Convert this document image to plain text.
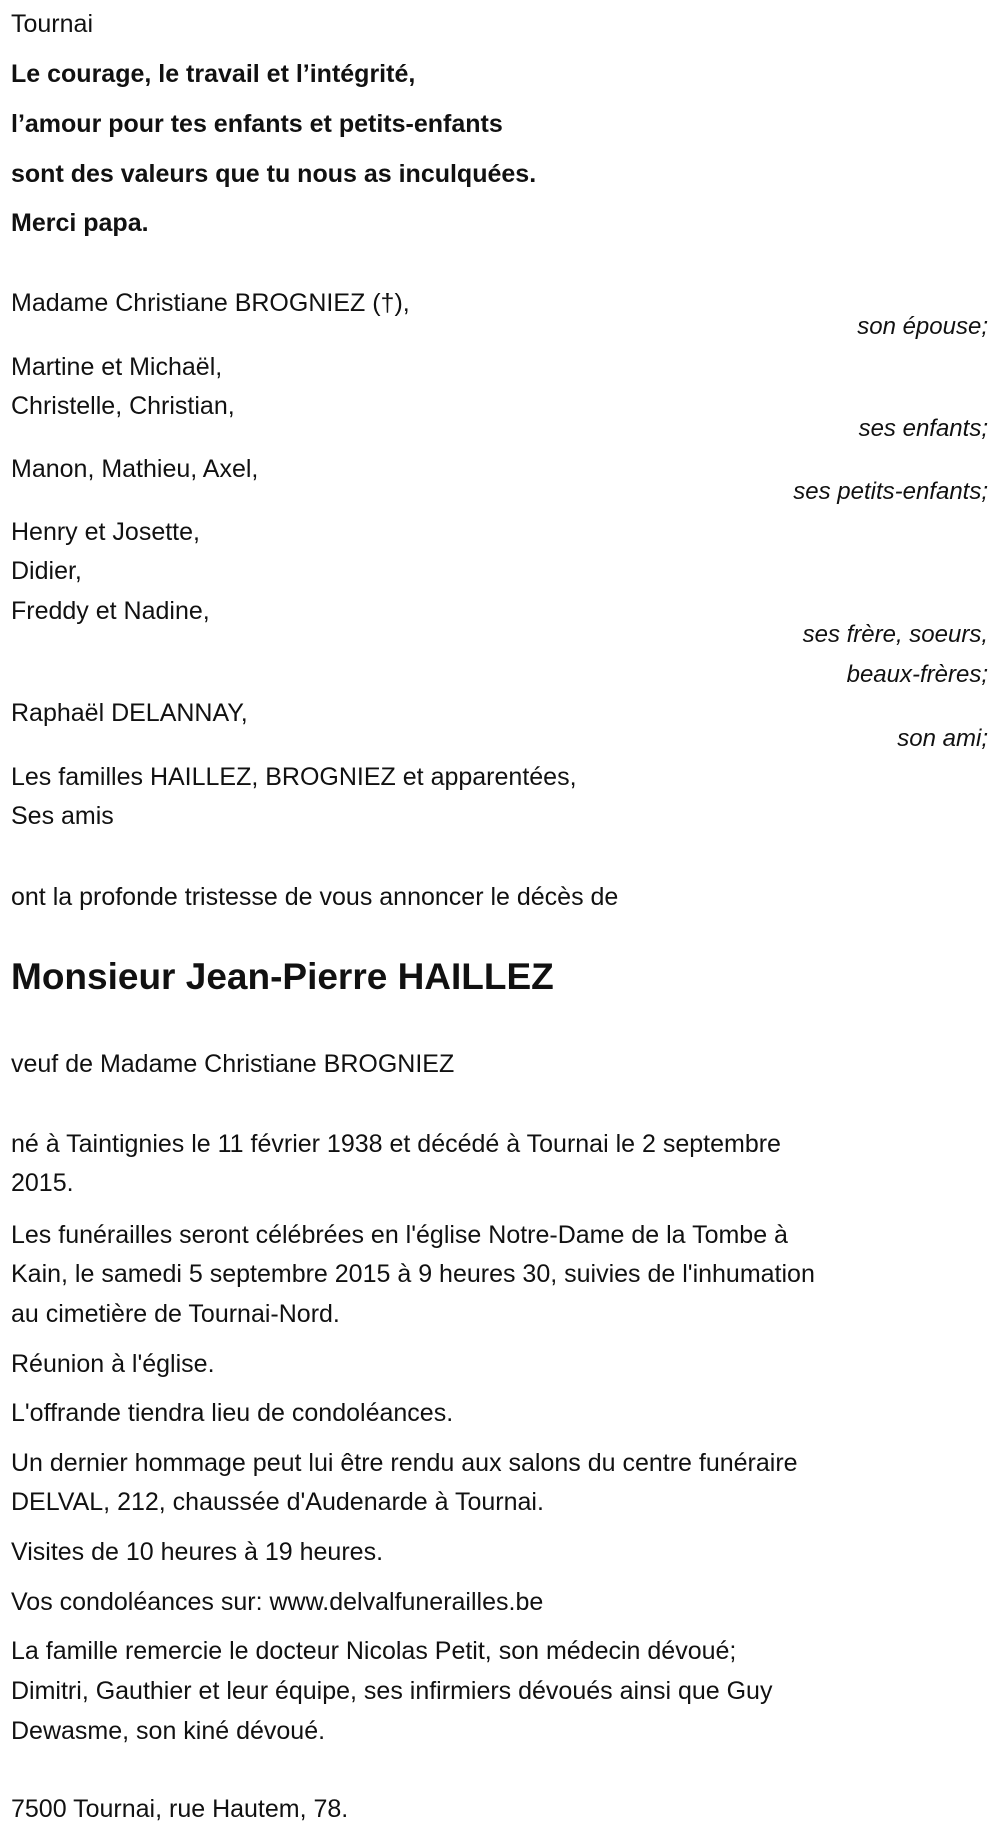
Tournai
Le courage, le travail et l’intégrité,
l’amour pour tes enfants et petits-enfants
sont des valeurs que tu nous as inculquées.
Merci papa.
Madame Christiane BROGNIEZ (†),
son épouse;
Martine et Michaël,
Christelle, Christian,
ses enfants;
Manon, Mathieu, Axel,
ses petits-enfants;
Henry et Josette,
Didier,
Freddy et Nadine,
ses frère, soeurs,
beaux-frères;
Raphaël DELANNAY,
son ami;
Les familles HAILLEZ, BROGNIEZ et apparentées,
Ses amis
ont la profonde tristesse de vous annoncer le décès de
Monsieur Jean-Pierre HAILLEZ
veuf de Madame Christiane BROGNIEZ
né à Taintignies le 11 février 1938 et décédé à Tournai le 2 septembre
2015.
Les funérailles seront célébrées en l'église Notre-Dame de la Tombe à
Kain, le samedi 5 septembre 2015 à 9 heures 30, suivies de l'inhumation
au cimetière de Tournai-Nord.
Réunion à l'église.
L'offrande tiendra lieu de condoléances.
Un dernier hommage peut lui être rendu aux salons du centre funéraire
DELVAL, 212, chaussée d'Audenarde à Tournai.
Visites de 10 heures à 19 heures.
Vos condoléances sur: www.delvalfunerailles.be
La famille remercie le docteur Nicolas Petit, son médecin dévoué;
Dimitri, Gauthier et leur équipe, ses infirmiers dévoués ainsi que Guy
Dewasme, son kiné dévoué.
7500 Tournai, rue Hautem, 78.
